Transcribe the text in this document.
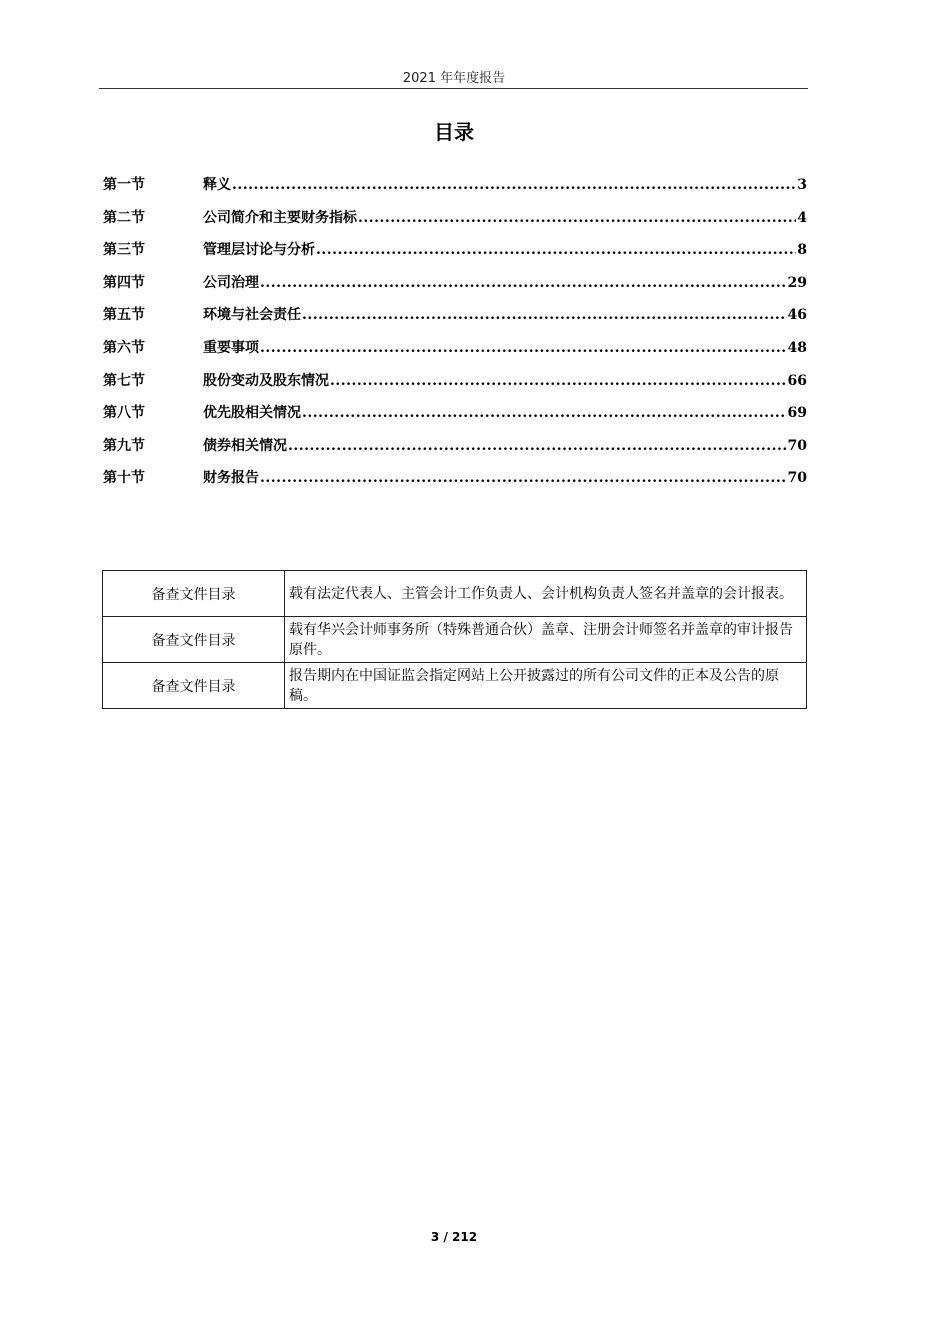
2021 年年度报告
目录
第一节	释义 .....	3
第二节	公司简介和主要财务指标 .....	4
第三节	管理层讨论与分析 .....	8
第四节	公司治理 .....	29
第五节	环境与社会责任 .....	46
第六节	重要事项 .....	48
第七节	股份变动及股东情况 .....	66
第八节	优先股相关情况 .....	69
第九节	债券相关情况 .....	70
第十节	财务报告 .....	70
备查文件目录	载有法定代表人、主管会计工作负责人、会计机构负责人签名并盖章的会计报表。
备查文件目录	载有华兴会计师事务所（特殊普通合伙）盖章、注册会计师签名并盖章的审计报告原件。
备查文件目录	报告期内在中国证监会指定网站上公开披露过的所有公司文件的正本及公告的原稿。
3 / 212
